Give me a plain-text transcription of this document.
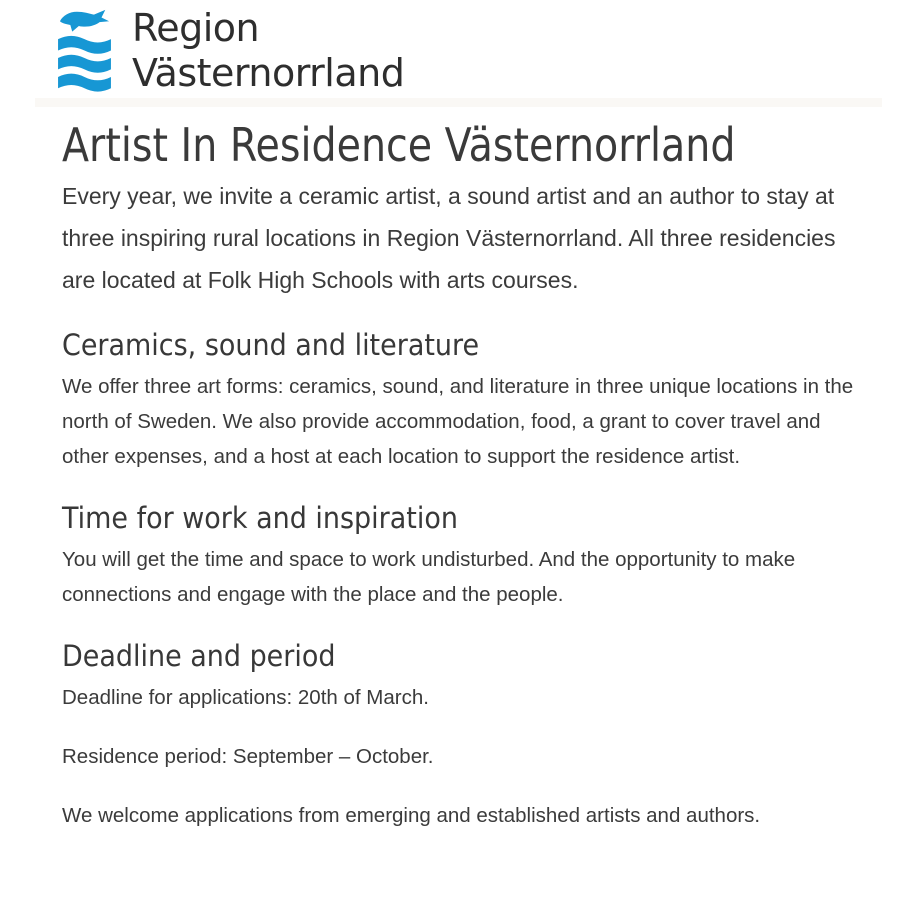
Region
Västernorrland
Artist In Residence Västernorrland

Every year, we invite a ceramic artist, a sound artist and an author to stay at three inspiring rural locations in Region Västernorrland. All three residencies are located at Folk High Schools with arts courses.

Ceramics, sound and literature

We offer three art forms: ceramics, sound, and literature in three unique locations in the north of Sweden. We also provide accommodation, food, a grant to cover travel and other expenses, and a host at each location to support the residence artist.

Time for work and inspiration

You will get the time and space to work undisturbed. And the opportunity to make connections and engage with the place and the people.

Deadline and period

Deadline for applications: 20th of March.

Residence period: September – October.

We welcome applications from emerging and established artists and authors.
